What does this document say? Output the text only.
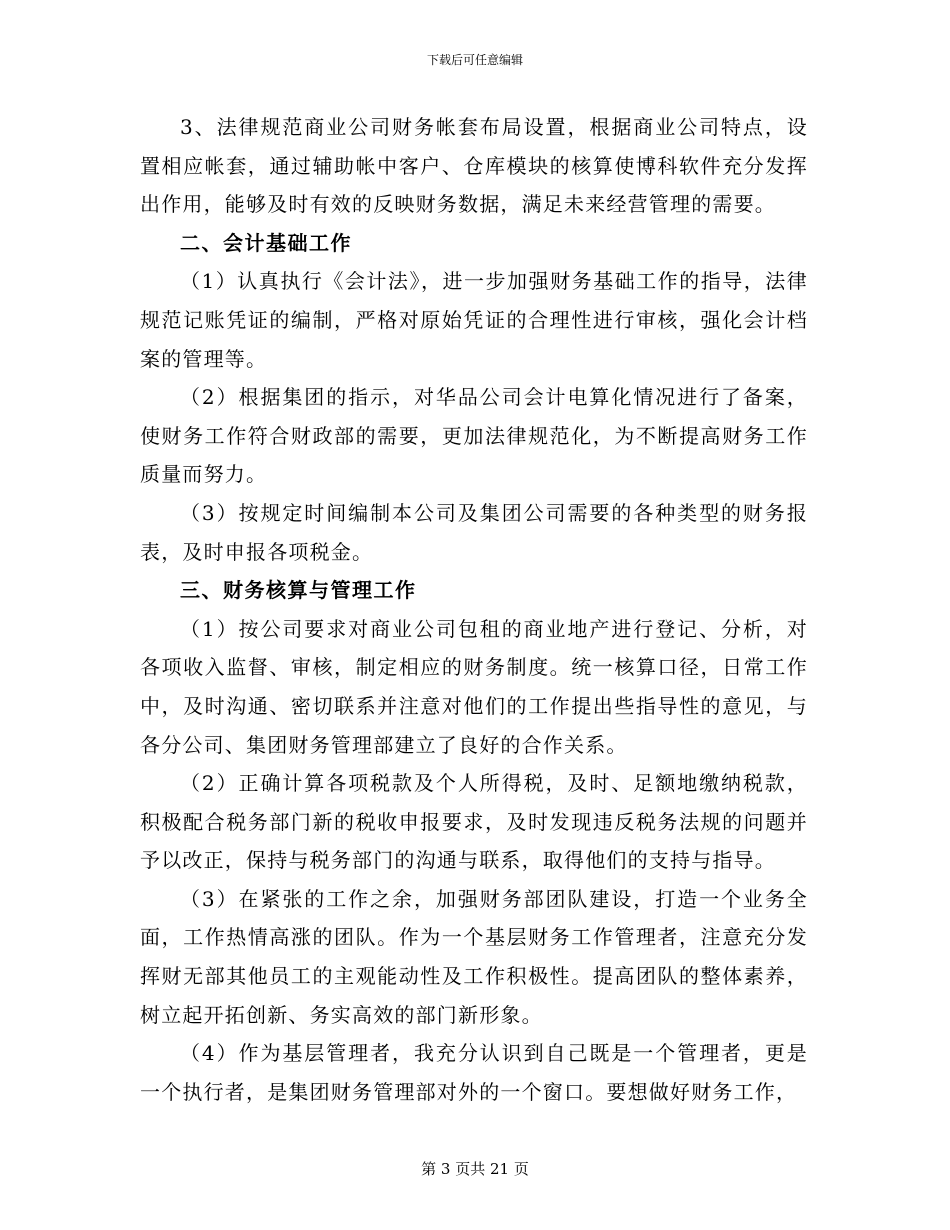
下载后可任意编辑

3、法律规范商业公司财务帐套布局设置，根据商业公司特点，设置相应帐套，通过辅助帐中客户、仓库模块的核算使博科软件充分发挥出作用，能够及时有效的反映财务数据，满足未来经营管理的需要。

二、会计基础工作

（1）认真执行《会计法》，进一步加强财务基础工作的指导，法律规范记账凭证的编制，严格对原始凭证的合理性进行审核，强化会计档案的管理等。

（2）根据集团的指示，对华品公司会计电算化情况进行了备案，使财务工作符合财政部的需要，更加法律规范化，为不断提高财务工作质量而努力。

（3）按规定时间编制本公司及集团公司需要的各种类型的财务报表，及时申报各项税金。

三、财务核算与管理工作

（1）按公司要求对商业公司包租的商业地产进行登记、分析，对各项收入监督、审核，制定相应的财务制度。统一核算口径，日常工作中，及时沟通、密切联系并注意对他们的工作提出些指导性的意见，与各分公司、集团财务管理部建立了良好的合作关系。

（2）正确计算各项税款及个人所得税，及时、足额地缴纳税款，积极配合税务部门新的税收申报要求，及时发现违反税务法规的问题并予以改正，保持与税务部门的沟通与联系，取得他们的支持与指导。

（3）在紧张的工作之余，加强财务部团队建设，打造一个业务全面，工作热情高涨的团队。作为一个基层财务工作管理者，注意充分发挥财无部其他员工的主观能动性及工作积极性。提高团队的整体素养，树立起开拓创新、务实高效的部门新形象。

（4）作为基层管理者，我充分认识到自己既是一个管理者，更是一个执行者，是集团财务管理部对外的一个窗口。要想做好财务工作，

第 3 页共 21 页
